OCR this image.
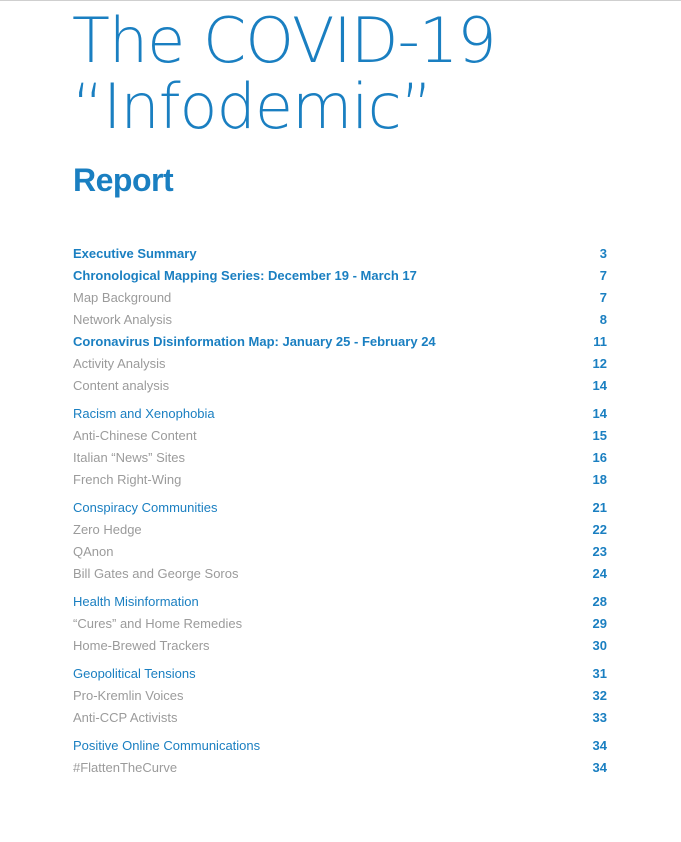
The COVID-19
“Infodemic”
Report
Executive Summary	3
Chronological Mapping Series: December 19 - March 17	7
Map Background	7
Network Analysis	8
Coronavirus Disinformation Map: January 25 - February 24	11
Activity Analysis	12
Content analysis	14
Racism and Xenophobia	14
Anti-Chinese Content	15
Italian “News” Sites	16
French Right-Wing	18
Conspiracy Communities	21
Zero Hedge	22
QAnon	23
Bill Gates and George Soros	24
Health Misinformation	28
“Cures” and Home Remedies	29
Home-Brewed Trackers	30
Geopolitical Tensions	31
Pro-Kremlin Voices	32
Anti-CCP Activists	33
Positive Online Communications	34
#FlattenTheCurve	34
